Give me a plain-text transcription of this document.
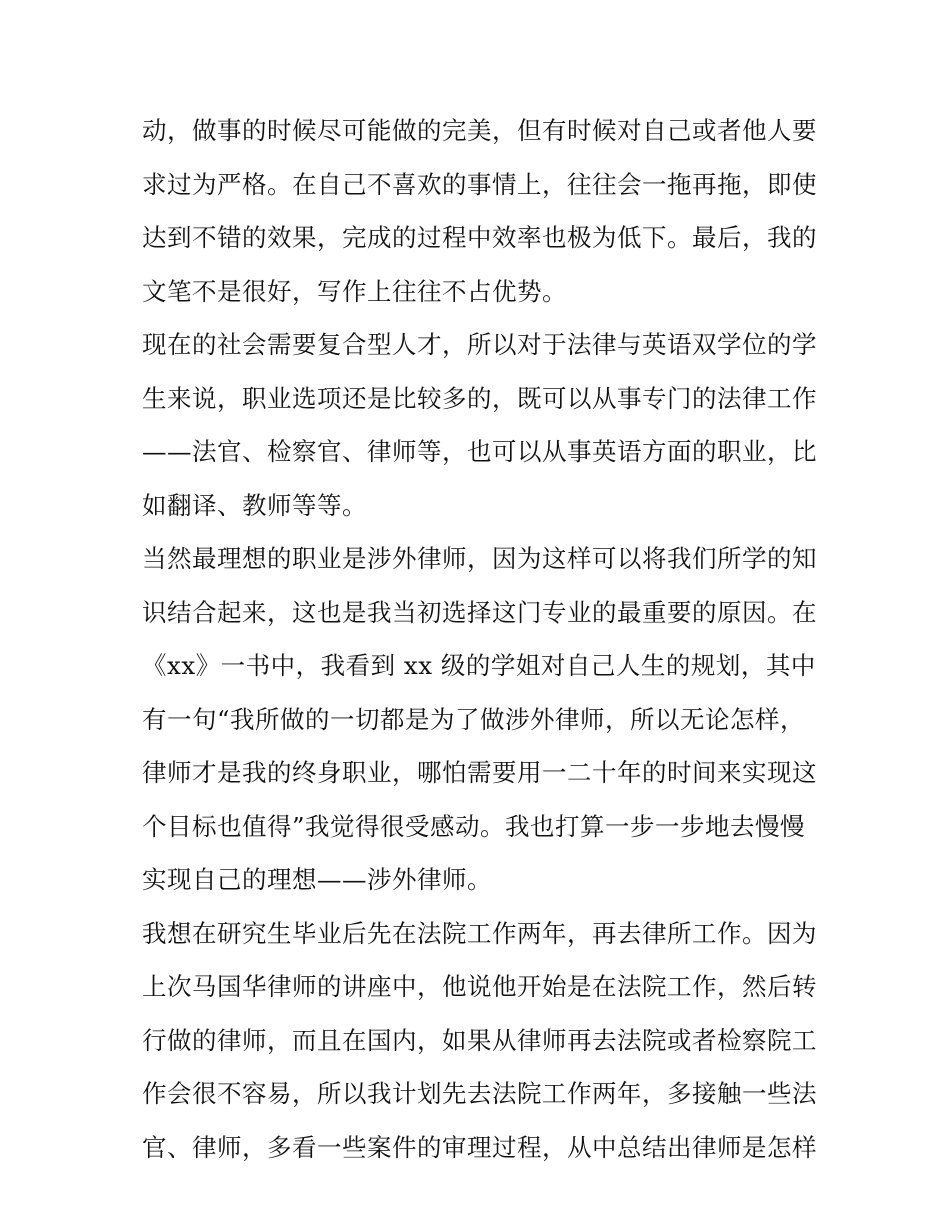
动，做事的时候尽可能做的完美，但有时候对自己或者他人要
求过为严格。在自己不喜欢的事情上，往往会一拖再拖，即使
达到不错的效果，完成的过程中效率也极为低下。最后，我的
文笔不是很好，写作上往往不占优势。
现在的社会需要复合型人才，所以对于法律与英语双学位的学
生来说，职业选项还是比较多的，既可以从事专门的法律工作
——法官、检察官、律师等，也可以从事英语方面的职业，比
如翻译、教师等等。
当然最理想的职业是涉外律师，因为这样可以将我们所学的知
识结合起来，这也是我当初选择这门专业的最重要的原因。在
《xx》一书中，我看到 xx 级的学姐对自己人生的规划，其中
有一句“我所做的一切都是为了做涉外律师，所以无论怎样，
律师才是我的终身职业，哪怕需要用一二十年的时间来实现这
个目标也值得”我觉得很受感动。我也打算一步一步地去慢慢
实现自己的理想——涉外律师。
我想在研究生毕业后先在法院工作两年，再去律所工作。因为
上次马国华律师的讲座中，他说他开始是在法院工作，然后转
行做的律师，而且在国内，如果从律师再去法院或者检察院工
作会很不容易，所以我计划先去法院工作两年，多接触一些法
官、律师，多看一些案件的审理过程，从中总结出律师是怎样
